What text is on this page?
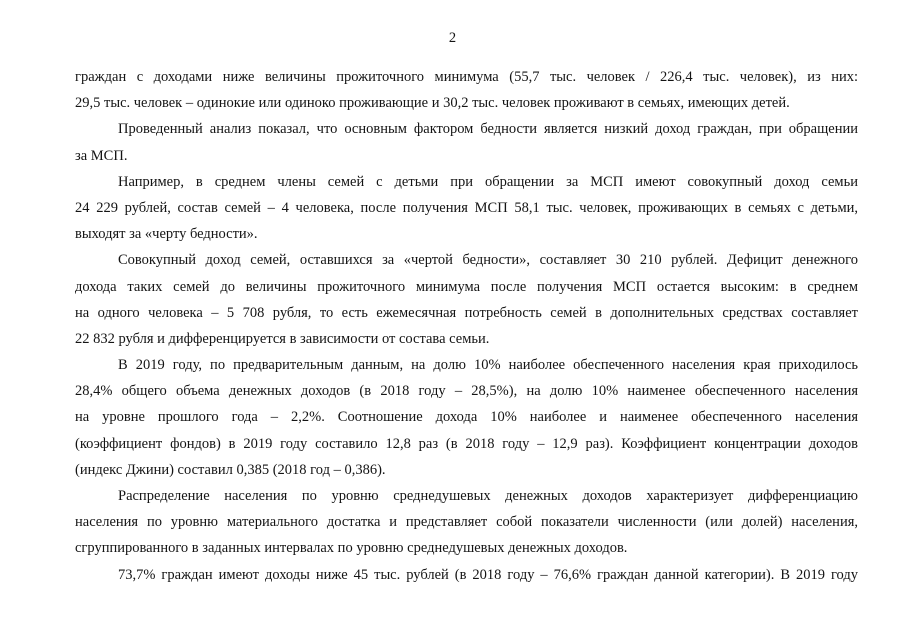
2
граждан с доходами ниже величины прожиточного минимума (55,7 тыс. человек / 226,4 тыс. человек), из них:
29,5 тыс. человек – одинокие или одиноко проживающие и 30,2 тыс. человек проживают в семьях, имеющих детей.
Проведенный анализ показал, что основным фактором бедности является низкий доход граждан, при обращении
за МСП.
Например, в среднем члены семей с детьми при обращении за МСП имеют совокупный доход семьи
24 229 рублей, состав семей – 4 человека, после получения МСП 58,1 тыс. человек, проживающих в семьях с детьми,
выходят за «черту бедности».
Совокупный доход семей, оставшихся за «чертой бедности», составляет 30 210 рублей. Дефицит денежного
дохода таких семей до величины прожиточного минимума после получения МСП остается высоким: в среднем
на одного человека – 5 708 рубля, то есть ежемесячная потребность семей в дополнительных средствах составляет
22 832 рубля и дифференцируется в зависимости от состава семьи.
В 2019 году, по предварительным данным, на долю 10% наиболее обеспеченного населения края приходилось
28,4% общего объема денежных доходов (в 2018 году – 28,5%), на долю 10% наименее обеспеченного населения
на уровне прошлого года – 2,2%. Соотношение дохода 10% наиболее и наименее обеспеченного населения
(коэффициент фондов) в 2019 году составило 12,8 раз (в 2018 году – 12,9 раз). Коэффициент концентрации доходов
(индекс Джини) составил 0,385 (2018 год – 0,386).
Распределение населения по уровню среднедушевых денежных доходов характеризует дифференциацию
населения по уровню материального достатка и представляет собой показатели численности (или долей) населения,
сгруппированного в заданных интервалах по уровню среднедушевых денежных доходов.
73,7% граждан имеют доходы ниже 45 тыс. рублей (в 2018 году – 76,6% граждан данной категории). В 2019 году
